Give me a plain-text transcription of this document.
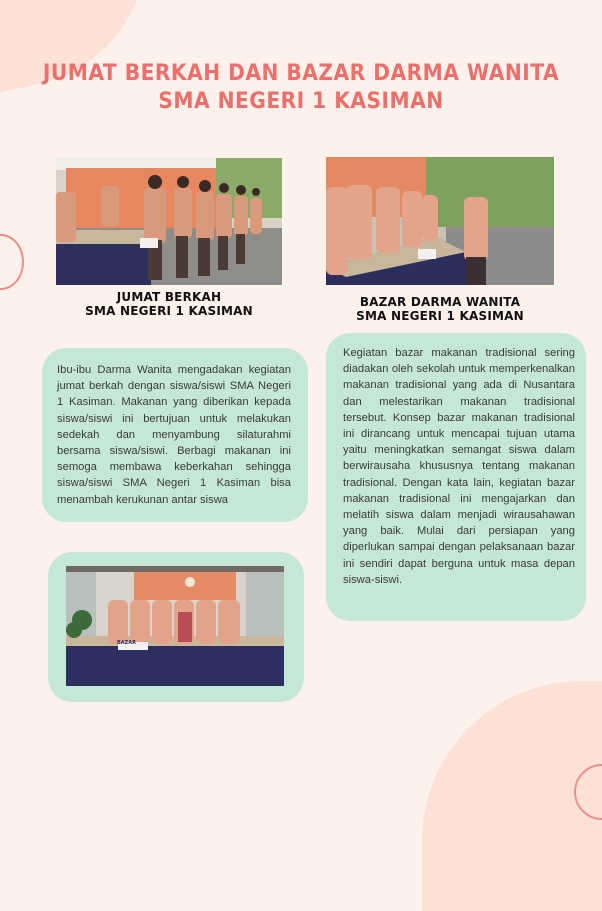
JUMAT BERKAH DAN BAZAR DARMA WANITA
SMA NEGERI 1 KASIMAN
JUMAT BERKAH
SMA NEGERI 1 KASIMAN
BAZAR DARMA WANITA
SMA NEGERI 1 KASIMAN

Ibu-ibu Darma Wanita mengadakan kegiatan jumat berkah dengan siswa/siswi SMA Negeri 1 Kasiman. Makanan yang diberikan kepada siswa/siswi ini bertujuan untuk melakukan sedekah dan menyambung silaturahmi bersama siswa/siswi. Berbagi makanan ini semoga membawa keberkahan sehingga siswa/siswi SMA Negeri 1 Kasiman bisa menambah kerukunan antar siswa

Kegiatan bazar makanan tradisional sering diadakan oleh sekolah untuk memperkenalkan makanan tradisional yang ada di Nusantara dan melestarikan makanan tradisional tersebut. Konsep bazar makanan tradisional ini dirancang untuk mencapai tujuan utama yaitu meningkatkan semangat siswa dalam berwirausaha khususnya tentang makanan tradisional. Dengan kata lain, kegiatan bazar makanan tradisional ini mengajarkan dan melatih siswa dalam menjadi wirausahawan yang baik. Mulai dari persiapan yang diperlukan sampai dengan pelaksanaan bazar ini sendiri dapat berguna untuk masa depan siswa-siswi.

BAZAR
